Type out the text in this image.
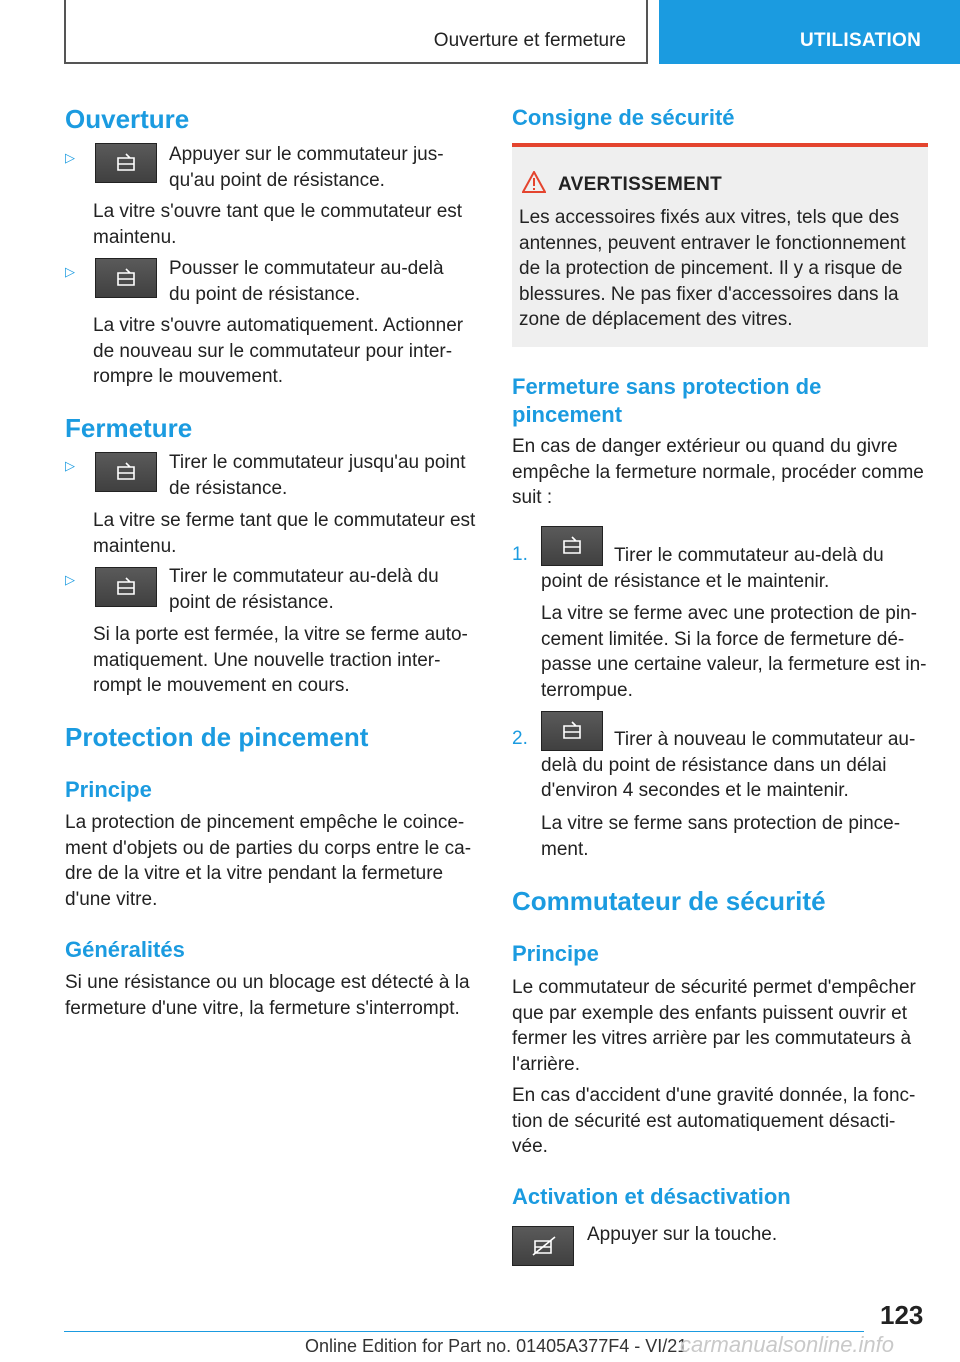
Ouverture et fermeture	UTILISATION
Ouverture
▷	Appuyer sur le commutateur jus-qu'au point de résistance.

La vitre s'ouvre tant que le commutateur est maintenu.

▷	Pousser le commutateur au-delà du point de résistance.

La vitre s'ouvre automatiquement. Actionner de nouveau sur le commutateur pour inter-rompre le mouvement.

Fermeture
▷	Tirer le commutateur jusqu'au point de résistance.

La vitre se ferme tant que le commutateur est maintenu.

▷	Tirer le commutateur au-delà du point de résistance.

Si la porte est fermée, la vitre se ferme auto-matiquement. Une nouvelle traction inter-rompt le mouvement en cours.

Protection de pincement
Principe

La protection de pincement empêche le coince-ment d'objets ou de parties du corps entre le ca-dre de la vitre et la vitre pendant la fermeture d'une vitre.

Généralités

Si une résistance ou un blocage est détecté à la fermeture d'une vitre, la fermeture s'interrompt.

Consigne de sécurité
AVERTISSEMENT
Les accessoires fixés aux vitres, tels que des antennes, peuvent entraver le fonctionnement de la protection de pincement. Il y a risque de blessures. Ne pas fixer d'accessoires dans la zone de déplacement des vitres.
Fermeture sans protection de pincement

En cas de danger extérieur ou quand du givre empêche la fermeture normale, procéder comme suit :

1.	Tirer le commutateur au-delà du point de résistance et le maintenir.

La vitre se ferme avec une protection de pin-cement limitée. Si la force de fermeture dé-passe une certaine valeur, la fermeture est in-terrompue.

2.	Tirer à nouveau le commutateur au-delà du point de résistance dans un délai d'environ 4 secondes et le maintenir.

La vitre se ferme sans protection de pince-ment.

Commutateur de sécurité
Principe

Le commutateur de sécurité permet d'empêcher que par exemple des enfants puissent ouvrir et fermer les vitres arrière par les commutateurs à l'arrière.

En cas d'accident d'une gravité donnée, la fonc-tion de sécurité est automatiquement désacti-vée.

Activation et désactivation

Appuyer sur la touche.

123
Online Edition for Part no. 01405A377F4 - VI/21
carmanualsonline.info
